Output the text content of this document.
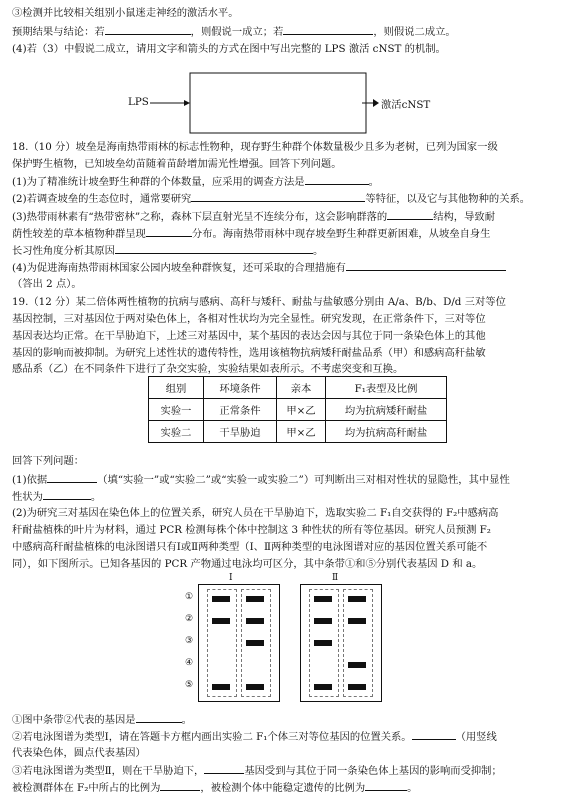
③检测并比较相关组别小鼠迷走神经的激活水平。
预期结果与结论：若	，则假说一成立；若	，则假说二成立。
(4)若（3）中假说二成立，请用文字和箭头的方式在图中写出完整的 LPS 激活 cNST 的机制。
LPS	激活cNST
18.（10 分）坡垒是海南热带雨林的标志性物种，现存野生种群个体数量极少且多为老树，已列为国家一级
保护野生植物，已知坡垒幼苗随着苗龄增加需光性增强。回答下列问题。
(1)为了精准统计坡垒野生种群的个体数量，应采用的调查方法是	。
(2)若调查坡垒的生态位时，通常要研究	等特征，以及它与其他物种的关系。
(3)热带雨林素有“热带密林”之称，森林下层直射光呈不连续分布，这会影响群落的	结构，导致耐
荫性较差的草本植物种群呈现	分布。海南热带雨林中现存坡垒野生种群更新困难，从坡垒自身生
长习性角度分析其原因	。
(4)为促进海南热带雨林国家公园内坡垒种群恢复，还可采取的合理措施有
（答出 2 点）。
19.（12 分）某二倍体两性植物的抗病与感病、高秆与矮秆、耐盐与盐敏感分别由 A/a、B/b、D/d 三对等位
基因控制，三对基因位于两对染色体上，各相对性状均为完全显性。研究发现，在正常条件下，三对等位
基因表达均正常。在干旱胁迫下，上述三对基因中，某个基因的表达会因与其位于同一条染色体上的其他
基因的影响而被抑制。为研究上述性状的遗传特性，选用该植物抗病矮秆耐盐品系（甲）和感病高秆盐敏
感品系（乙）在不同条件下进行了杂交实验，实验结果如表所示。不考虑突变和互换。
组别	环境条件	亲本	F₁表型及比例
实验一	正常条件	甲×乙	均为抗病矮秆耐盐
实验二	干旱胁迫	甲×乙	均为抗病高秆耐盐
回答下列问题：
(1)依据	（填“实验一”或“实验二”或“实验一或实验二”）可判断出三对相对性状的显隐性，其中显性
性状为	。
(2)为研究三对基因在染色体上的位置关系，研究人员在干旱胁迫下，选取实验二 F₁自交获得的 F₂中感病高
秆耐盐植株的叶片为材料，通过 PCR 检测每株个体中控制这 3 种性状的所有等位基因。研究人员预测 F₂
中感病高秆耐盐植株的电泳图谱只有Ⅰ或Ⅱ两种类型（Ⅰ、Ⅱ两种类型的电泳图谱对应的基因位置关系可能不
同），如下图所示。已知各基因的 PCR 产物通过电泳均可区分，其中条带①和⑤分别代表基因 D 和 a。
Ⅰ	Ⅱ
①
②
③
④
⑤
①图中条带②代表的基因是	。
②若电泳图谱为类型Ⅰ，请在答题卡方框内画出实验二 F₁个体三对等位基因的位置关系。	（用竖线
代表染色体，圆点代表基因）
③若电泳图谱为类型Ⅱ，则在干旱胁迫下，	基因受到与其位于同一条染色体上基因的影响而受抑制；
被检测群体在 F₂中所占的比例为	，被检测个体中能稳定遗传的比例为	。
